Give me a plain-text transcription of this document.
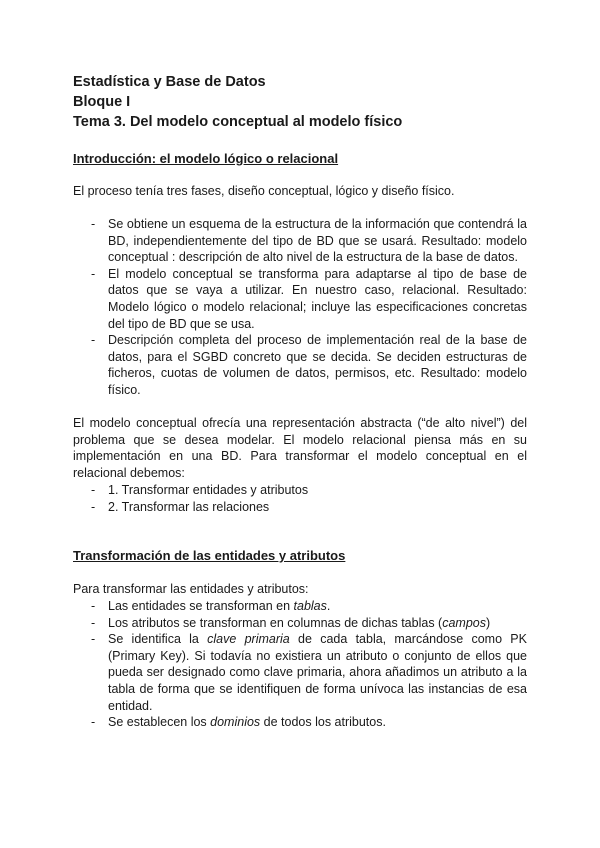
Estadística y Base de Datos
Bloque I
Tema 3. Del modelo conceptual al modelo físico
Introducción: el modelo lógico o relacional
El proceso tenía tres fases, diseño conceptual, lógico y diseño físico.
- Se obtiene un esquema de la estructura de la información que contendrá la BD, independientemente del tipo de BD que se usará. Resultado: modelo conceptual : descripción de alto nivel de la estructura de la base de datos.
- El modelo conceptual se transforma para adaptarse al tipo de base de datos que se vaya a utilizar. En nuestro caso, relacional. Resultado: Modelo lógico o modelo relacional; incluye las especificaciones concretas del tipo de BD que se usa.
- Descripción completa del proceso de implementación real de la base de datos, para el SGBD concreto que se decida. Se deciden estructuras de ficheros, cuotas de volumen de datos, permisos, etc. Resultado: modelo físico.
El modelo conceptual ofrecía una representación abstracta (“de alto nivel”) del problema que se desea modelar. El modelo relacional piensa más en su implementación en una BD. Para transformar el modelo conceptual en el relacional debemos:
- 1. Transformar entidades y atributos
- 2. Transformar las relaciones
Transformación de las entidades y atributos
Para transformar las entidades y atributos:
- Las entidades se transforman en tablas.
- Los atributos se transforman en columnas de dichas tablas (campos)
- Se identifica la clave primaria de cada tabla, marcándose como PK (Primary Key). Si todavía no existiera un atributo o conjunto de ellos que pueda ser designado como clave primaria, ahora añadimos un atributo a la tabla de forma que se identifiquen de forma unívoca las instancias de esa entidad.
- Se establecen los dominios de todos los atributos.
